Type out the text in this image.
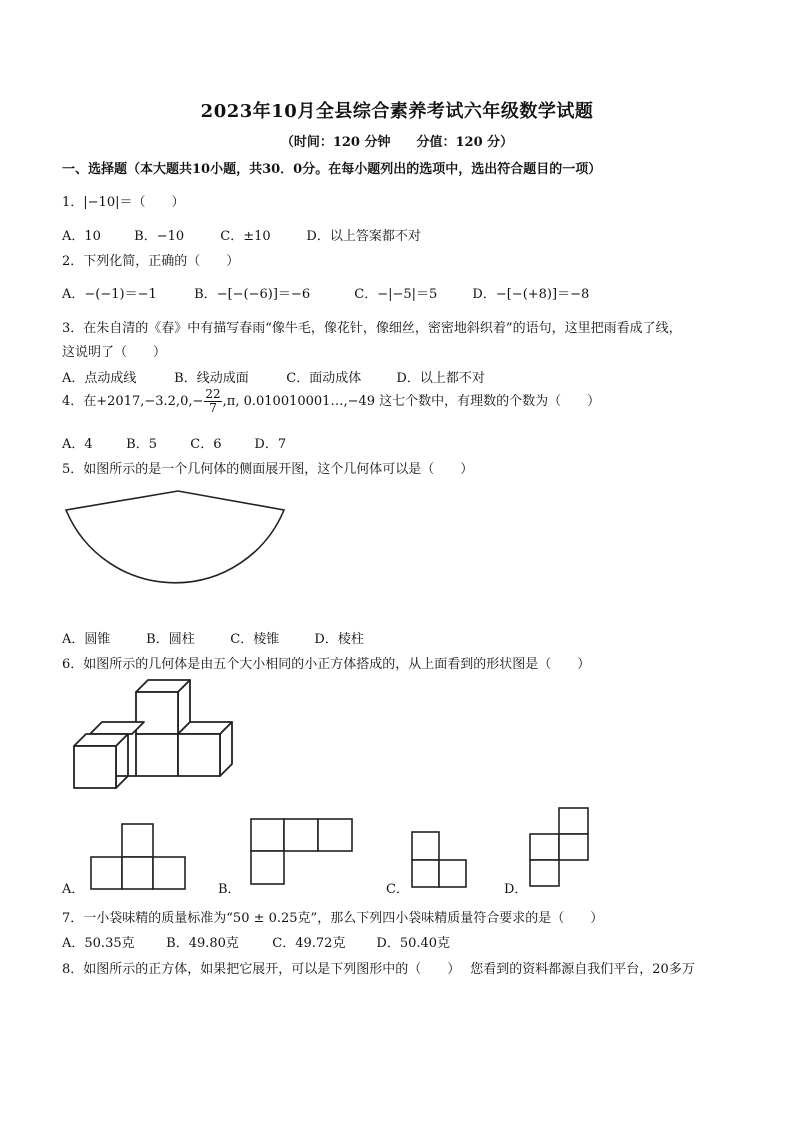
2023年10月全县综合素养考试六年级数学试题
（时间：120 分钟　　分值：120 分）
一、选择题（本大题共10小题，共30．0分。在每小题列出的选项中，选出符合题目的一项）
1．|−10|＝（　　）
A．10	B．−10	C．±10	D．以上答案都不对
2．下列化简，正确的（　　）
A．−(−1)＝−1	B．−[−(−6)]＝−6	C．−|−5|＝5	D．−[−(+8)]＝−8
3．在朱自清的《春》中有描写春雨“像牛毛，像花针，像细丝，密密地斜织着”的语句，这里把雨看成了线，
这说明了（　　）
A．点动成线	B．线动成面	C．面动成体	D．以上都不对
4．在$+2017,-3.2,0,- \frac{22}{7} ,\pi$, 0.010010001…,−49 这七个数中，有理数的个数为（　　）
A．4	B．5	C．6	D．7
5．如图所示的是一个几何体的侧面展开图，这个几何体可以是（　　）
A．圆锥	B．圆柱	C．棱锥	D．棱柱
6．如图所示的几何体是由五个大小相同的小正方体搭成的，从上面看到的形状图是（　　）
A．	B．	C．	D．
7．一小袋味精的质量标准为“50 ± 0.25克”，那么下列四小袋味精质量符合要求的是（　　）
A．50.35克 B．49.80克	C．49.72克 D．50.40克
8．如图所示的正方体，如果把它展开，可以是下列图形中的（　　） 您看到的资料都源自我们平台，20多万
